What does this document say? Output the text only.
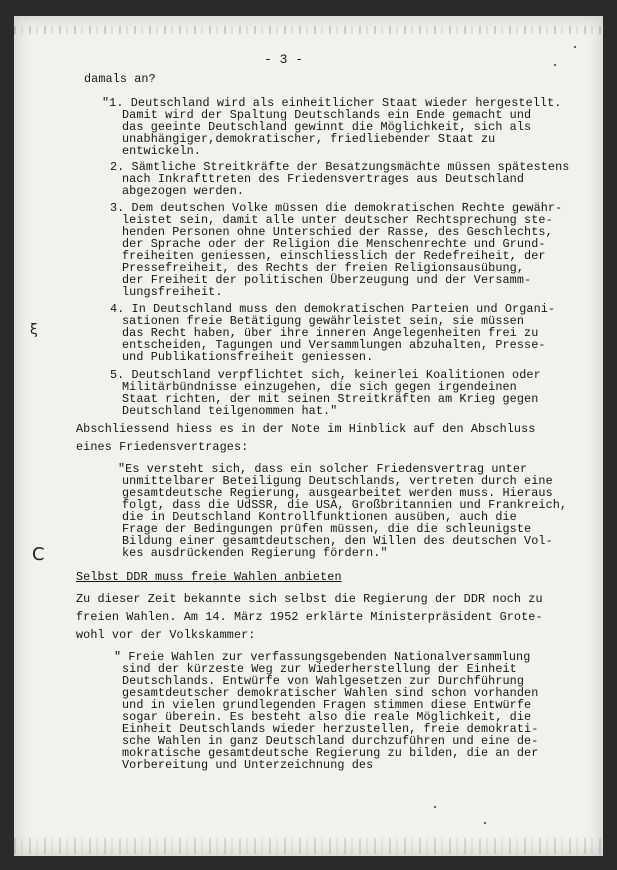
- 3 -

damals an?

"1. Deutschland wird als einheitlicher Staat wieder hergestellt.

Damit wird der Spaltung Deutschlands ein Ende gemacht und

das geeinte Deutschland gewinnt die Möglichkeit, sich als

unabhängiger,demokratischer, friedliebender Staat zu

entwickeln.

2. Sämtliche Streitkräfte der Besatzungsmächte müssen spätestens

nach Inkrafttreten des Friedensvertrages aus Deutschland

abgezogen werden.

3. Dem deutschen Volke müssen die demokratischen Rechte gewähr-

leistet sein, damit alle unter deutscher Rechtsprechung ste-

henden Personen ohne Unterschied der Rasse, des Geschlechts,

der Sprache oder der Religion die Menschenrechte und Grund-

freiheiten geniessen, einschliesslich der Redefreiheit, der

Pressefreiheit, des Rechts der freien Religionsausübung,

der Freiheit der politischen Überzeugung und der Versamm-

lungsfreiheit.

4. In Deutschland muss den demokratischen Parteien und Organi-

sationen freie Betätigung gewährleistet sein, sie müssen

das Recht haben, über ihre inneren Angelegenheiten frei zu

entscheiden, Tagungen und Versammlungen abzuhalten, Presse-

und Publikationsfreiheit geniessen.

5. Deutschland verpflichtet sich, keinerlei Koalitionen oder

Militärbündnisse einzugehen, die sich gegen irgendeinen

Staat richten, der mit seinen Streitkräften am Krieg gegen

Deutschland teilgenommen hat."

Abschliessend hiess es in der Note im Hinblick auf den Abschluss

eines Friedensvertrages:

"Es versteht sich, dass ein solcher Friedensvertrag unter

unmittelbarer Beteiligung Deutschlands, vertreten durch eine

gesamtdeutsche Regierung, ausgearbeitet werden muss. Hieraus

folgt, dass die UdSSR, die USA, Großbritannien und Frankreich,

die in Deutschland Kontrollfunktionen ausüben, auch die

Frage der Bedingungen prüfen müssen, die die schleunigste

Bildung einer gesamtdeutschen, den Willen des deutschen Vol-

kes ausdrückenden Regierung fördern."

Selbst DDR muss freie Wahlen anbieten

Zu dieser Zeit bekannte sich selbst die Regierung der DDR noch zu

freien Wahlen. Am 14. März 1952 erklärte Ministerpräsident Grote-

wohl vor der Volkskammer:

" Freie Wahlen zur verfassungsgebenden Nationalversammlung

sind der kürzeste Weg zur Wiederherstellung der Einheit

Deutschlands. Entwürfe von Wahlgesetzen zur Durchführung

gesamtdeutscher demokratischer Wahlen sind schon vorhanden

und in vielen grundlegenden Fragen stimmen diese Entwürfe

sogar überein. Es besteht also die reale Möglichkeit, die

Einheit Deutschlands wieder herzustellen, freie demokrati-

sche Wahlen in ganz Deutschland durchzuführen und eine de-

mokratische gesamtdeutsche Regierung zu bilden, die an der

Vorbereitung und Unterzeichnung des

ξ
C
